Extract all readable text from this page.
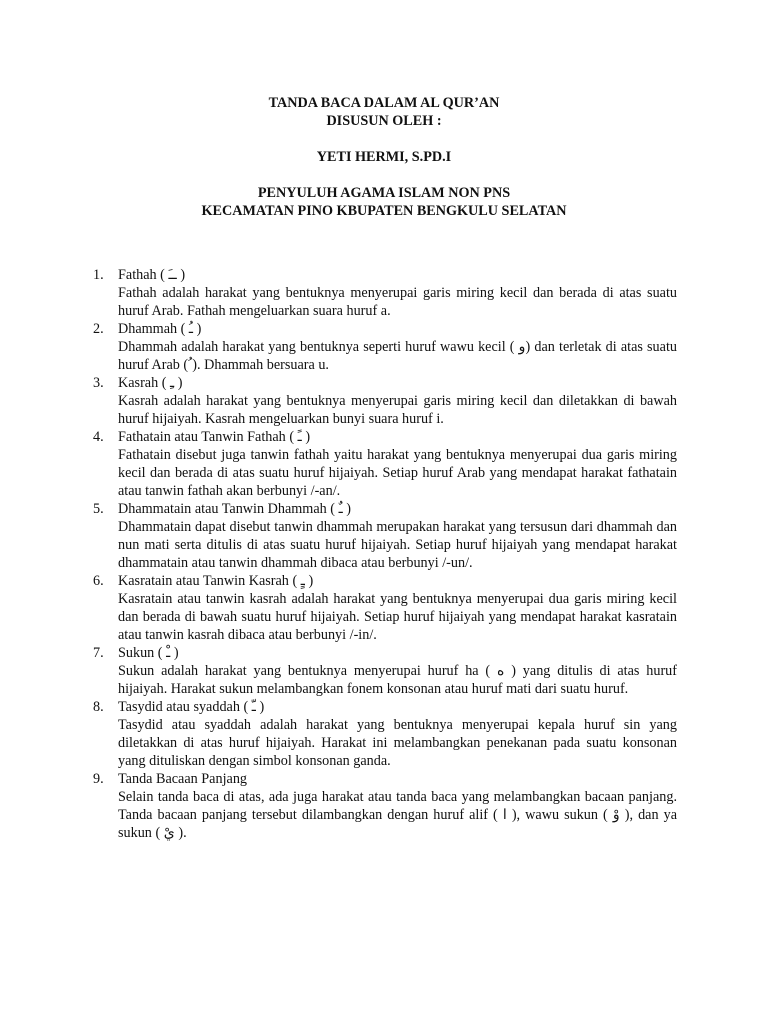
TANDA BACA DALAM AL QUR’AN
DISUSUN OLEH :
YETI HERMI, S.PD.I
PENYULUH AGAMA ISLAM NON PNS
KECAMATAN PINO KBUPATEN BENGKULU SELATAN
1. Fathah ( ــَ )
Fathah adalah harakat yang bentuknya menyerupai garis miring kecil dan berada di atas suatu huruf Arab. Fathah mengeluarkan suara huruf a.
2. Dhammah ( ـُ )
Dhammah adalah harakat yang bentuknya seperti huruf wawu kecil ( و) dan terletak di atas suatu huruf Arab ( ُ). Dhammah bersuara u.
3. Kasrah ( ـِ )
Kasrah adalah harakat yang bentuknya menyerupai garis miring kecil dan diletakkan di bawah huruf hijaiyah. Kasrah mengeluarkan bunyi suara huruf i.
4. Fathatain atau Tanwin Fathah ( ـً )
Fathatain disebut juga tanwin fathah yaitu harakat yang bentuknya menyerupai dua garis miring kecil dan berada di atas suatu huruf hijaiyah. Setiap huruf Arab yang mendapat harakat fathatain atau tanwin fathah akan berbunyi /-an/.
5. Dhammatain atau Tanwin Dhammah ( ـٌ )
Dhammatain dapat disebut tanwin dhammah merupakan harakat yang tersusun dari dhammah dan nun mati serta ditulis di atas suatu huruf hijaiyah. Setiap huruf hijaiyah yang mendapat harakat dhammatain atau tanwin dhammah dibaca atau berbunyi /-un/.
6. Kasratain atau Tanwin Kasrah ( ـٍ )
Kasratain atau tanwin kasrah adalah harakat yang bentuknya menyerupai dua garis miring kecil dan berada di bawah suatu huruf hijaiyah. Setiap huruf hijaiyah yang mendapat harakat kasratain atau tanwin kasrah dibaca atau berbunyi /-in/.
7. Sukun ( ـْ )
Sukun adalah harakat yang bentuknya menyerupai huruf ha ( ه ) yang ditulis di atas huruf hijaiyah. Harakat sukun melambangkan fonem konsonan atau huruf mati dari suatu huruf.
8. Tasydid atau syaddah ( ـّ )
Tasydid atau syaddah adalah harakat yang bentuknya menyerupai kepala huruf sin yang diletakkan di atas huruf hijaiyah. Harakat ini melambangkan penekanan pada suatu konsonan yang dituliskan dengan simbol konsonan ganda.
9. Tanda Bacaan Panjang
Selain tanda baca di atas, ada juga harakat atau tanda baca yang melambangkan bacaan panjang. Tanda bacaan panjang tersebut dilambangkan dengan huruf alif ( ا ), wawu sukun ( وْ ), dan ya sukun ( يْ ).
